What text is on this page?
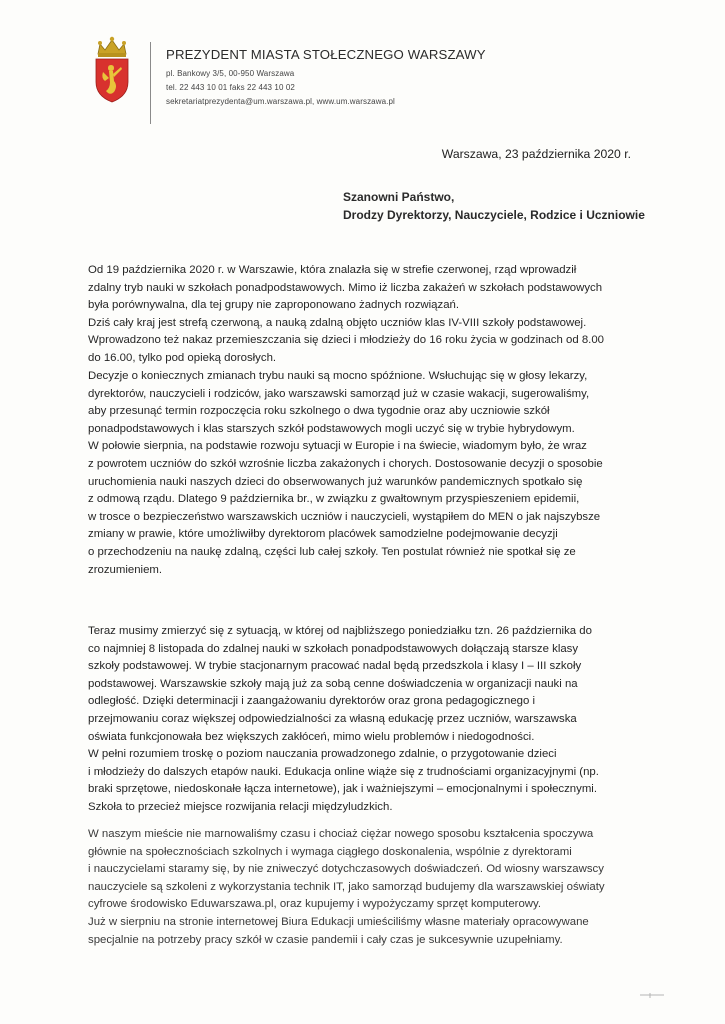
PREZYDENT MIASTA STOŁECZNEGO WARSZAWY
pl. Bankowy 3/5, 00-950 Warszawa
tel. 22 443 10 01 faks 22 443 10 02
sekretariatprezydenta@um.warszawa.pl, www.um.warszawa.pl
Warszawa, 23 października 2020 r.
Szanowni Państwo,
Drodzy Dyrektorzy, Nauczyciele, Rodzice i Uczniowie
Od 19 października 2020 r. w Warszawie, która znalazła się w strefie czerwonej, rząd wprowadził
zdalny tryb nauki w szkołach ponadpodstawowych. Mimo iż liczba zakażeń w szkołach podstawowych
była porównywalna, dla tej grupy nie zaproponowano żadnych rozwiązań.
Dziś cały kraj jest strefą czerwoną, a nauką zdalną objęto uczniów klas IV-VIII szkoły podstawowej.
Wprowadzono też nakaz przemieszczania się dzieci i młodzieży do 16 roku życia w godzinach od 8.00
do 16.00, tylko pod opieką dorosłych.
Decyzje o koniecznych zmianach trybu nauki są mocno spóźnione. Wsłuchując się w głosy lekarzy,
dyrektorów, nauczycieli i rodziców, jako warszawski samorząd już w czasie wakacji, sugerowaliśmy,
aby przesunąć termin rozpoczęcia roku szkolnego o dwa tygodnie oraz aby uczniowie szkół
ponadpodstawowych i klas starszych szkół podstawowych mogli uczyć się w trybie hybrydowym.
W połowie sierpnia, na podstawie rozwoju sytuacji w Europie i na świecie, wiadomym było, że wraz
z powrotem uczniów do szkół wzrośnie liczba zakażonych i chorych. Dostosowanie decyzji o sposobie
uruchomienia nauki naszych dzieci do obserwowanych już warunków pandemicznych spotkało się
z odmową rządu. Dlatego 9 października br., w związku z gwałtownym przyspieszeniem epidemii,
w trosce o bezpieczeństwo warszawskich uczniów i nauczycieli, wystąpiłem do MEN o jak najszybsze
zmiany w prawie, które umożliwiłby dyrektorom placówek samodzielne podejmowanie decyzji
o przechodzeniu na naukę zdalną, części lub całej szkoły. Ten postulat również nie spotkał się ze
zrozumieniem.
Teraz musimy zmierzyć się z sytuacją, w której od najbliższego poniedziałku tzn. 26 października do
co najmniej 8 listopada do zdalnej nauki w szkołach ponadpodstawowych dołączają starsze klasy
szkoły podstawowej. W trybie stacjonarnym pracować nadal będą przedszkola i klasy I – III szkoły
podstawowej. Warszawskie szkoły mają już za sobą cenne doświadczenia w organizacji nauki na
odległość. Dzięki determinacji i zaangażowaniu dyrektorów oraz grona pedagogicznego i
przejmowaniu coraz większej odpowiedzialności za własną edukację przez uczniów, warszawska
oświata funkcjonowała bez większych zakłóceń, mimo wielu problemów i niedogodności.
W pełni rozumiem troskę o poziom nauczania prowadzonego zdalnie, o przygotowanie dzieci
i młodzieży do dalszych etapów nauki. Edukacja online wiąże się z trudnościami organizacyjnymi (np.
braki sprzętowe, niedoskonałe łącza internetowe), jak i ważniejszymi – emocjonalnymi i społecznymi.
Szkoła to przecież miejsce rozwijania relacji międzyludzkich.
W naszym mieście nie marnowaliśmy czasu i chociaż ciężar nowego sposobu kształcenia spoczywa
głównie na społecznościach szkolnych i wymaga ciągłego doskonalenia, wspólnie z dyrektorami
i nauczycielami staramy się, by nie zniweczyć dotychczasowych doświadczeń. Od wiosny warszawscy
nauczyciele są szkoleni z wykorzystania technik IT, jako samorząd budujemy dla warszawskiej oświaty
cyfrowe środowisko Eduwarszawa.pl, oraz kupujemy i wypożyczamy sprzęt komputerowy.
Już w sierpniu na stronie internetowej Biura Edukacji umieściliśmy własne materiały opracowywane
specjalnie na potrzeby pracy szkół w czasie pandemii i cały czas je sukcesywnie uzupełniamy.
